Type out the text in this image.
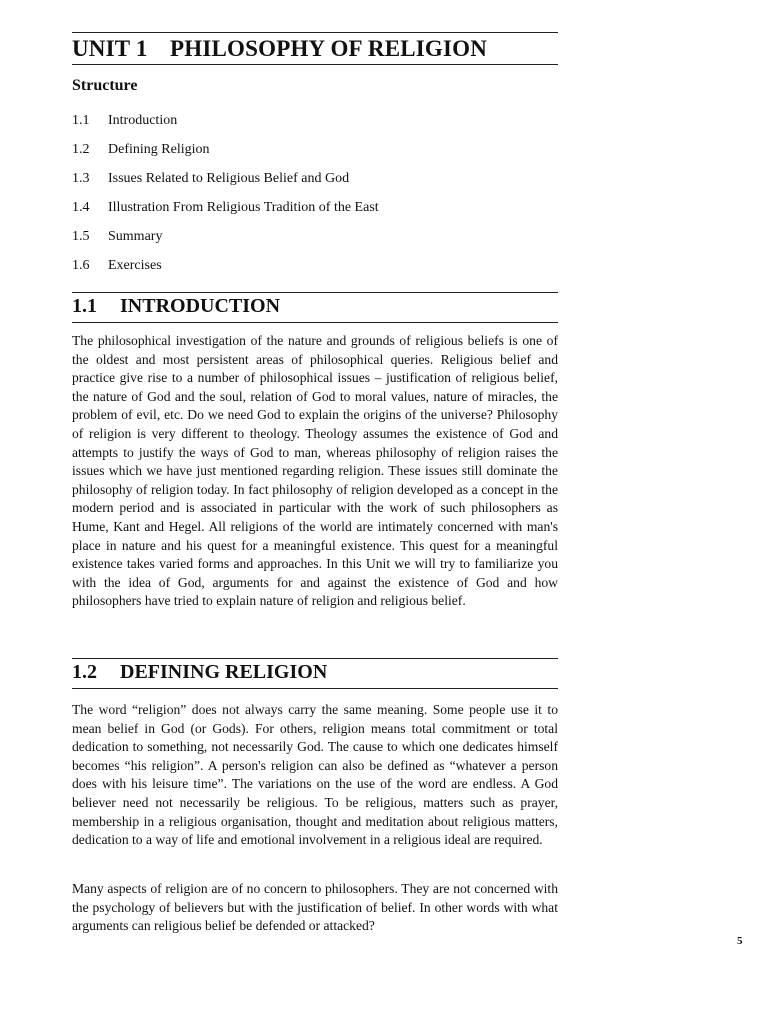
UNIT 1 PHILOSOPHY OF RELIGION
Structure
1.1 Introduction
1.2 Defining Religion
1.3 Issues Related to Religious Belief and God
1.4 Illustration From Religious Tradition of the East
1.5 Summary
1.6 Exercises
1.1 INTRODUCTION

The philosophical investigation of the nature and grounds of religious beliefs is one of the oldest and most persistent areas of philosophical queries. Religious belief and practice give rise to a number of philosophical issues – justification of religious belief, the nature of God and the soul, relation of God to moral values, nature of miracles, the problem of evil, etc. Do we need God to explain the origins of the universe? Philosophy of religion is very different to theology. Theology assumes the existence of God and attempts to justify the ways of God to man, whereas philosophy of religion raises the issues which we have just mentioned regarding religion. These issues still dominate the philosophy of religion today. In fact philosophy of religion developed as a concept in the modern period and is associated in particular with the work of such philosophers as Hume, Kant and Hegel. All religions of the world are intimately concerned with man's place in nature and his quest for a meaningful existence. This quest for a meaningful existence takes varied forms and approaches. In this Unit we will try to familiarize you with the idea of God, arguments for and against the existence of God and how philosophers have tried to explain nature of religion and religious belief.

1.2 DEFINING RELIGION

The word “religion” does not always carry the same meaning. Some people use it to mean belief in God (or Gods). For others, religion means total commitment or total dedication to something, not necessarily God. The cause to which one dedicates himself becomes “his religion”. A person's religion can also be defined as “whatever a person does with his leisure time”. The variations on the use of the word are endless. A God believer need not necessarily be religious. To be religious, matters such as prayer, membership in a religious organisation, thought and meditation about religious matters, dedication to a way of life and emotional involvement in a religious ideal are required.

Many aspects of religion are of no concern to philosophers. They are not concerned with the psychology of believers but with the justification of belief. In other words with what arguments can religious belief be defended or attacked?

5
